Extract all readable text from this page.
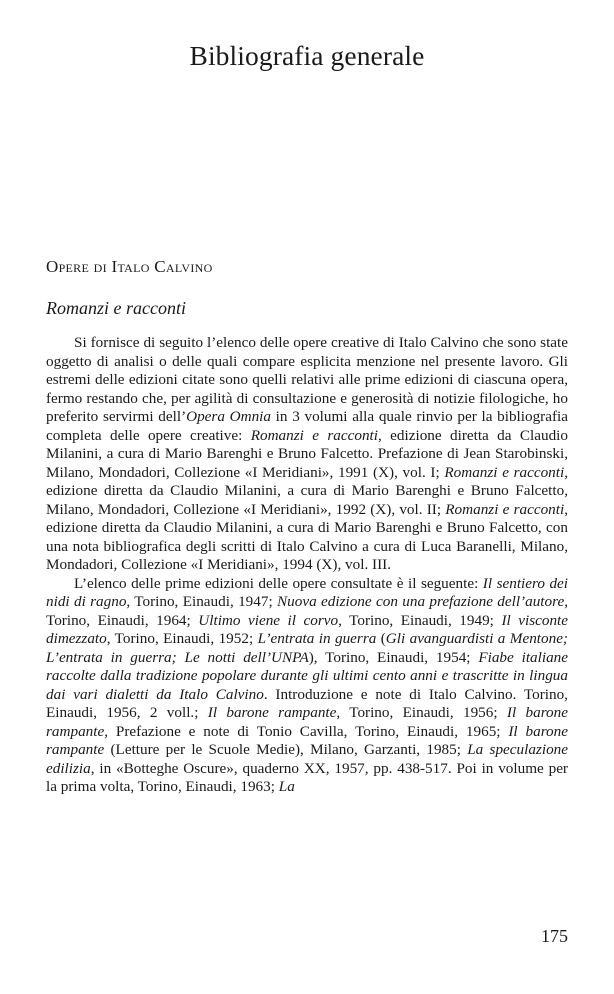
Bibliografia generale
Opere di Italo Calvino
Romanzi e racconti

Si fornisce di seguito l’elenco delle opere creative di Italo Calvino che sono state oggetto di analisi o delle quali compare esplicita menzione nel presente lavoro. Gli estremi delle edizioni citate sono quelli relativi alle prime edizioni di ciascuna opera, fermo restando che, per agilità di consultazione e generosità di notizie filologiche, ho preferito servirmi dell’Opera Omnia in 3 volumi alla quale rinvio per la bibliografia completa delle opere creative: Romanzi e racconti, edizione diretta da Claudio Milanini, a cura di Mario Barenghi e Bruno Falcetto. Prefazione di Jean Starobinski, Milano, Mondadori, Collezione «I Meridiani», 1991 (X), vol. I; Romanzi e racconti, edizione diretta da Claudio Milanini, a cura di Mario Barenghi e Bruno Falcetto, Milano, Mondadori, Collezione «I Meridiani», 1992 (X), vol. II; Romanzi e racconti, edizione diretta da Claudio Milanini, a cura di Mario Barenghi e Bruno Falcetto, con una nota bibliografica degli scritti di Italo Calvino a cura di Luca Baranelli, Milano, Mondadori, Collezione «I Meridiani», 1994 (X), vol. III.

L’elenco delle prime edizioni delle opere consultate è il seguente: Il sentiero dei nidi di ragno, Torino, Einaudi, 1947; Nuova edizione con una prefazione dell’autore, Torino, Einaudi, 1964; Ultimo viene il corvo, Torino, Einaudi, 1949; Il visconte dimezzato, Torino, Einaudi, 1952; L’entrata in guerra (Gli avanguardisti a Mentone; L’entrata in guerra; Le notti dell’UNPA), Torino, Einaudi, 1954; Fiabe italiane raccolte dalla tradizione popolare durante gli ultimi cento anni e trascritte in lingua dai vari dialetti da Italo Calvino. Introduzione e note di Italo Calvino. Torino, Einaudi, 1956, 2 voll.; Il barone rampante, Torino, Einaudi, 1956; Il barone rampante, Prefazione e note di Tonio Cavilla, Torino, Einaudi, 1965; Il barone rampante (Letture per le Scuole Medie), Milano, Garzanti, 1985; La speculazione edilizia, in «Botteghe Oscure», quaderno XX, 1957, pp. 438-517. Poi in volume per la prima volta, Torino, Einaudi, 1963; La

175
